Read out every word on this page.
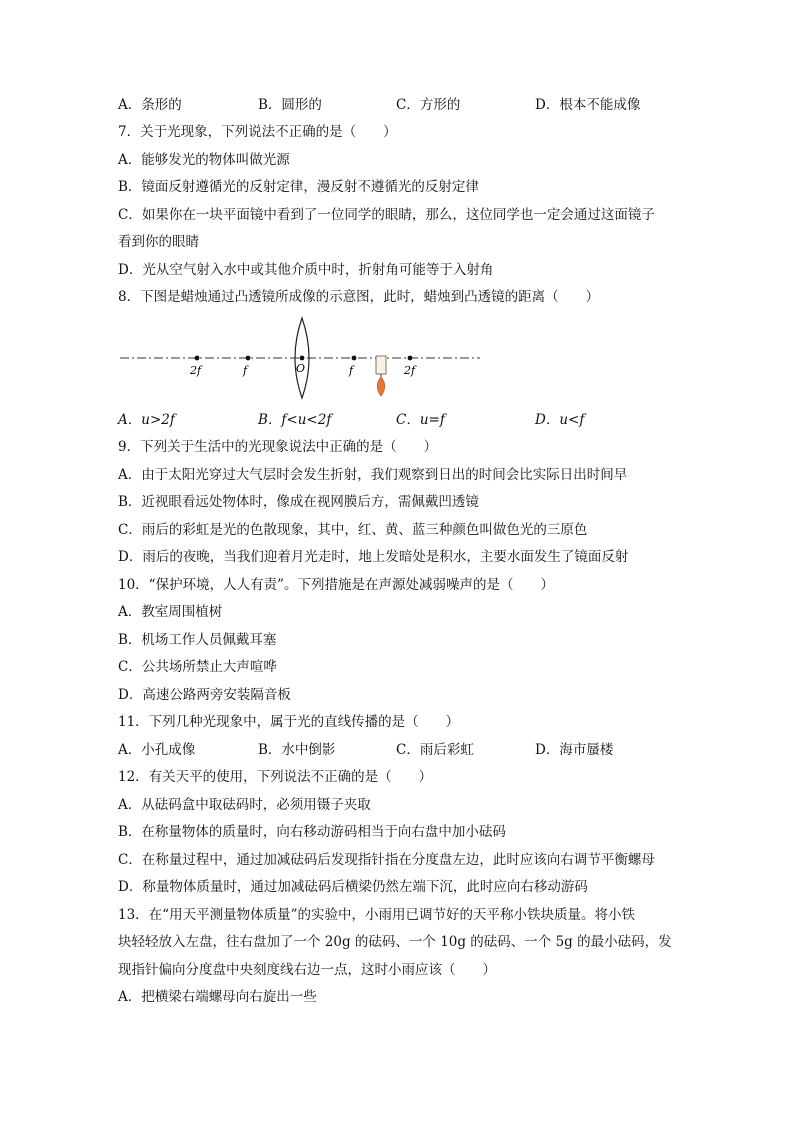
A．条形的	B．圆形的	C．方形的	D．根本不能成像
7．关于光现象，下列说法不正确的是（　　）
A．能够发光的物体叫做光源
B．镜面反射遵循光的反射定律，漫反射不遵循光的反射定律
C．如果你在一块平面镜中看到了一位同学的眼睛，那么，这位同学也一定会通过这面镜子
看到你的眼睛
D．光从空气射入水中或其他介质中时，折射角可能等于入射角
8．下图是蜡烛通过凸透镜所成像的示意图，此时，蜡烛到凸透镜的距离（　　）
2f	f	O	f	2f
A．u>2f	B．f<u<2f	C．u=f	D．u<f
9．下列关于生活中的光现象说法中正确的是（　　）
A．由于太阳光穿过大气层时会发生折射，我们观察到日出的时间会比实际日出时间早
B．近视眼看远处物体时，像成在视网膜后方，需佩戴凹透镜
C．雨后的彩虹是光的色散现象，其中，红、黄、蓝三种颜色叫做色光的三原色
D．雨后的夜晚，当我们迎着月光走时，地上发暗处是积水，主要水面发生了镜面反射
10．“保护环境，人人有责”。下列措施是在声源处减弱噪声的是（　　）
A．教室周围植树
B．机场工作人员佩戴耳塞
C．公共场所禁止大声喧哗
D．高速公路两旁安装隔音板
11．下列几种光现象中，属于光的直线传播的是（　　）
A．小孔成像	B．水中倒影	C．雨后彩虹	D．海市蜃楼
12．有关天平的使用，下列说法不正确的是（　　）
A．从砝码盒中取砝码时，必须用镊子夹取
B．在称量物体的质量时，向右移动游码相当于向右盘中加小砝码
C．在称量过程中，通过加减砝码后发现指针指在分度盘左边，此时应该向右调节平衡螺母
D．称量物体质量时，通过加减砝码后横梁仍然左端下沉，此时应向右移动游码
13．在“用天平测量物体质量”的实验中，小雨用已调节好的天平称小铁块质量。将小铁
块轻轻放入左盘，往右盘加了一个 20g 的砝码、一个 10g 的砝码、一个 5g 的最小砝码，发
现指针偏向分度盘中央刻度线右边一点，这时小雨应该（　　）
A．把横梁右端螺母向右旋出一些
